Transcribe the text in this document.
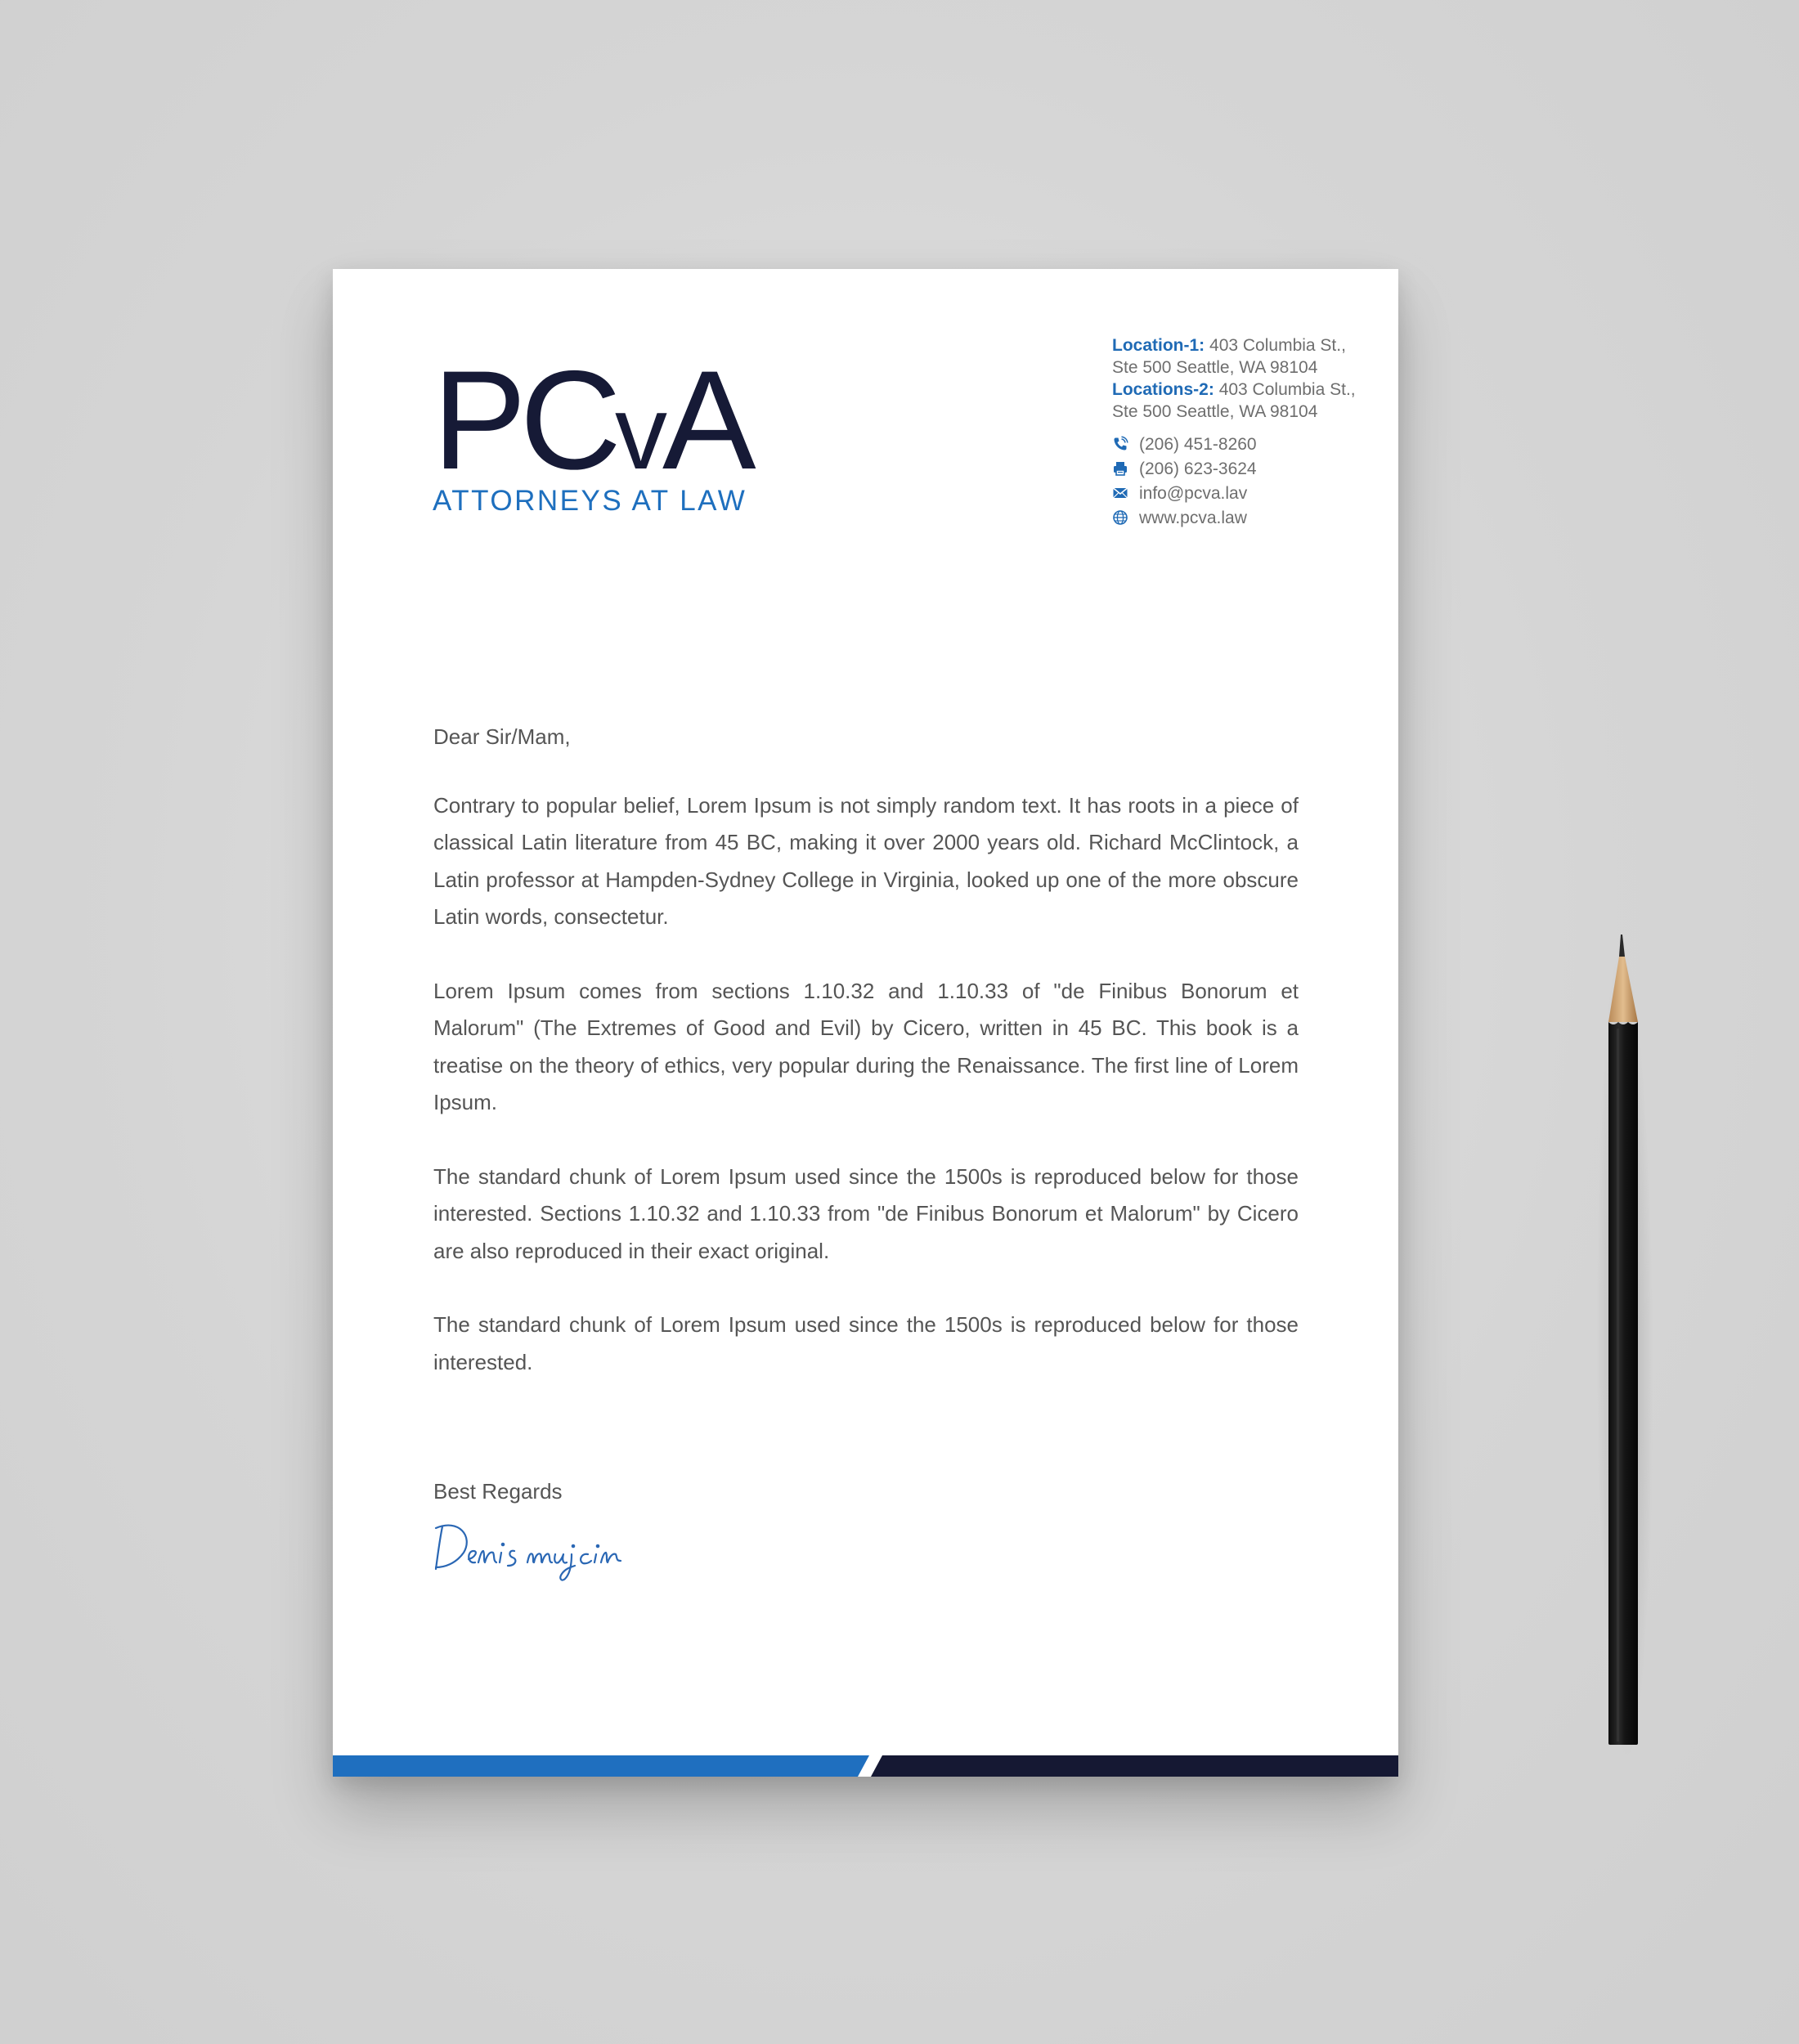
PCvA
ATTORNEYS AT LAW
Location-1: 403 Columbia St.,
Ste 500 Seattle, WA 98104
Locations-2: 403 Columbia St.,
Ste 500 Seattle, WA 98104
(206) 451-8260
(206) 623-3624
info@pcva.lav
www.pcva.law

Dear Sir/Mam,

Contrary to popular belief, Lorem Ipsum is not simply random text. It has roots in a piece of classical Latin literature from 45 BC, making it over 2000 years old. Richard McClintock, a Latin professor at Hampden-Sydney College in Virginia, looked up one of the more obscure Latin words, consectetur.

Lorem Ipsum comes from sections 1.10.32 and 1.10.33 of "de Finibus Bonorum et Malorum" (The Extremes of Good and Evil) by Cicero, written in 45 BC. This book is a treatise on the theory of ethics, very popular during the Renaissance. The first line of Lorem Ipsum.

The standard chunk of Lorem Ipsum used since the 1500s is reproduced below for those interested. Sections 1.10.32 and 1.10.33 from "de Finibus Bonorum et Malorum" by Cicero are also reproduced in their exact original.

The standard chunk of Lorem Ipsum used since the 1500s is reproduced below for those interested.

Best Regards
